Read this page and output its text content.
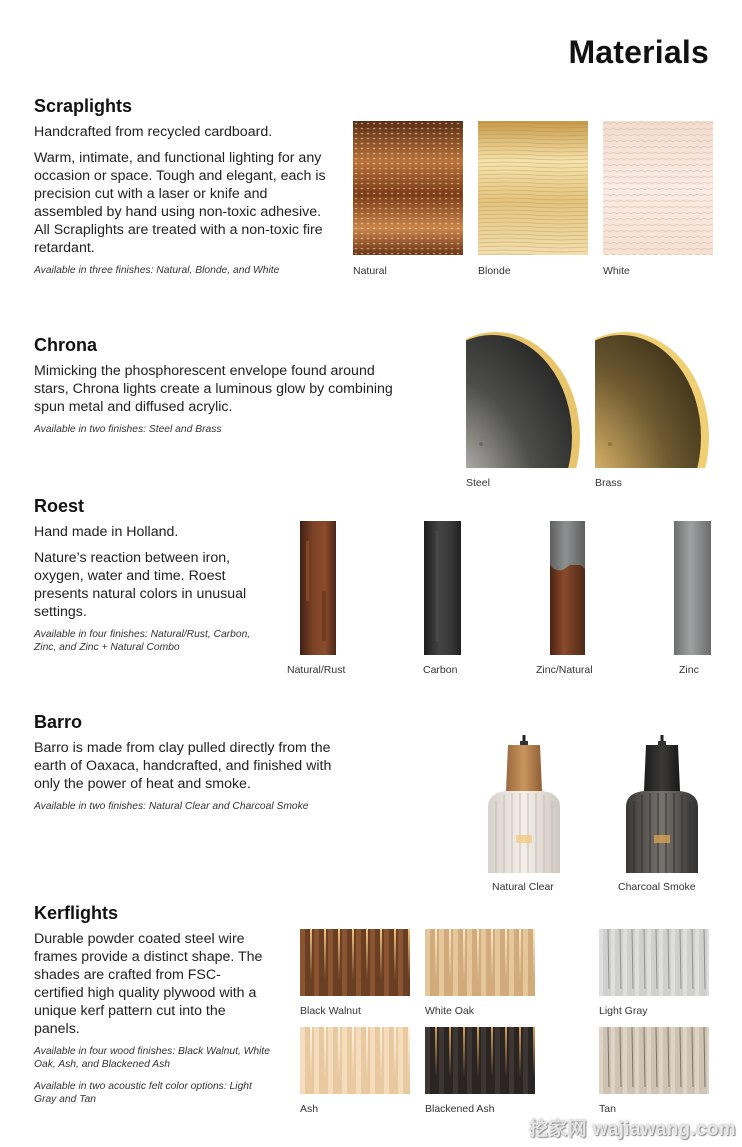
Materials
Scraplights
Handcrafted from recycled cardboard.
Warm, intimate, and functional lighting for any occasion or space. Tough and elegant, each is precision cut with a laser or knife and assembled by hand using non-toxic adhesive. All Scraplights are treated with a non-toxic fire retardant.
Available in three finishes: Natural, Blonde, and White	Natural	Blonde	White
Chrona
Mimicking the phosphorescent envelope found around stars, Chrona lights create a luminous glow by combining spun metal and diffused acrylic.
Available in two finishes: Steel and Brass
Steel	Brass
Roest
Hand made in Holland.
Nature’s reaction between iron, oxygen, water and time. Roest presents natural colors in unusual settings.
Available in four finishes: Natural/Rust, Carbon, Zinc, and Zinc + Natural Combo
Natural/Rust	Carbon	Zinc/Natural	Zinc
Barro
Barro is made from clay pulled directly from the earth of Oaxaca, handcrafted, and finished with only the power of heat and smoke.
Available in two finishes: Natural Clear and Charcoal Smoke
Natural Clear	Charcoal Smoke
Kerflights
Durable powder coated steel wire frames provide a distinct shape. The shades are crafted from FSC-certified high quality plywood with a unique kerf pattern cut into the panels.
Available in four wood finishes: Black Walnut, White Oak, Ash, and Blackened Ash
Available in two acoustic felt color options: Light Gray and Tan
Black Walnut	White Oak	Light Gray
Ash	Blackened Ash	Tan
挖家网 wajiawang.com
